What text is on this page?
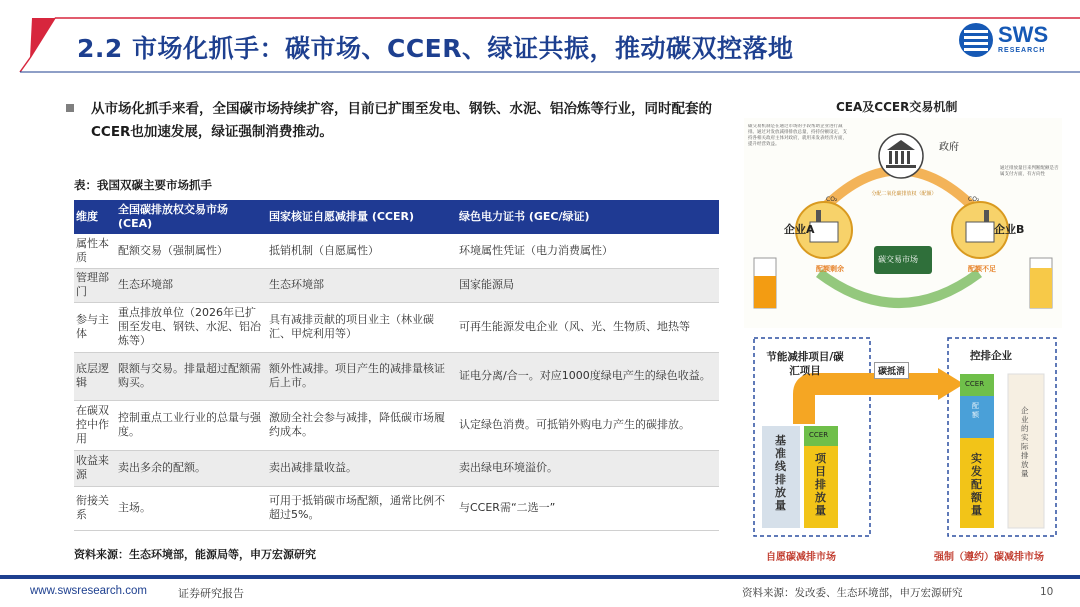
2.2 市场化抓手：碳市场、CCER、绿证共振，推动碳双控落地	SWS
RESEARCH
从市场化抓手来看，全国碳市场持续扩容，目前已扩围至发电、钢铁、水泥、铝冶炼等行业，同时配套的CCER也加速发展，绿证强制消费推动。
表：我国双碳主要市场抓手
维度	全国碳排放权交易市场 (CEA)	国家核证自愿减排量 (CCER)	绿色电力证书 (GEC/绿证)
属性本质	配额交易（强制属性）	抵销机制（自愿属性）	环境属性凭证（电力消费属性）
管理部门	生态环境部	生态环境部	国家能源局
参与主体	重点排放单位（2026年已扩围至发电、钢铁、水泥、铝冶炼等）	具有减排贡献的项目业主（林业碳汇、甲烷利用等）	可再生能源发电企业（风、光、生物质、地热等
底层逻辑	限额与交易。排量超过配额需购买。	额外性减排。项目产生的减排量核证后上市。	证电分离/合一。对应1000度绿电产生的绿色收益。
在碳双控中作用	控制重点工业行业的总量与强度。	激励全社会参与减排，降低碳市场履约成本。	认定绿色消费。可抵销外购电力产生的碳排放。
收益来源	卖出多余的配额。	卖出减排量收益。	卖出绿电环境溢价。
衔接关系	主场。	可用于抵销碳市场配额，通常比例不超过5%。	与CCER需“二选一”
资料来源：生态环境部，能源局等，申万宏源研究
CEA及CCER交易机制
碳交易机制是在通过市场的手段帮助企业进行减排。通过对发放减排排放总量，持持份额设定，支持各相关政府主体对政府，就用来发表经济方面，提升经营效益。
通过排放量目来判断配额是否属支付方面，有方向性
政府
分配二氧化碳排放权（配额）
CO₂	CO₂
企业A	企业B
碳交易市场
配额剩余	配额不足
节能减排项目/碳汇项目	碳抵消
控排企业
基准线排放量
CCER
项目排放量
CCER
配额
实发配额量
企业的实际排放量
自愿碳减排市场	强制（遵约）碳减排市场
www.swsresearch.com	证券研究报告	资料来源：发改委、生态环境部，申万宏源研究	10
